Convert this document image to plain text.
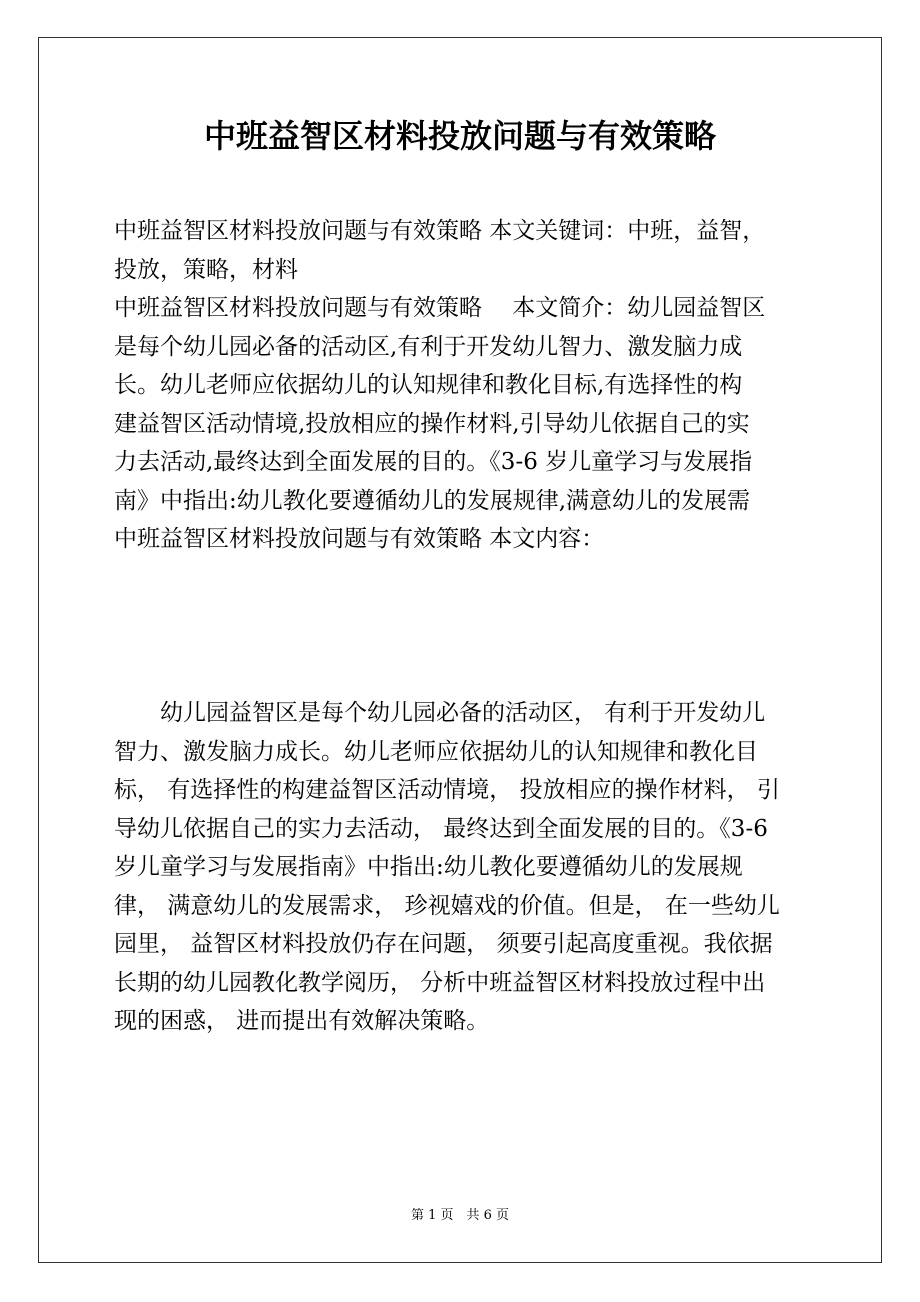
中班益智区材料投放问题与有效策略
中班益智区材料投放问题与有效策略 本文关键词：中班，益智，
投放，策略，材料
中班益智区材料投放问题与有效策略 　本文简介：幼儿园益智区
是每个幼儿园必备的活动区,有利于开发幼儿智力、激发脑力成
长。幼儿老师应依据幼儿的认知规律和教化目标,有选择性的构
建益智区活动情境,投放相应的操作材料,引导幼儿依据自己的实
力去活动,最终达到全面发展的目的。《3-6 岁儿童学习与发展指
南》中指出:幼儿教化要遵循幼儿的发展规律,满意幼儿的发展需
中班益智区材料投放问题与有效策略 本文内容：
　　幼儿园益智区是每个幼儿园必备的活动区， 有利于开发幼儿
智力、激发脑力成长。幼儿老师应依据幼儿的认知规律和教化目
标， 有选择性的构建益智区活动情境， 投放相应的操作材料， 引
导幼儿依据自己的实力去活动， 最终达到全面发展的目的。《3-6
岁儿童学习与发展指南》中指出:幼儿教化要遵循幼儿的发展规
律， 满意幼儿的发展需求， 珍视嬉戏的价值。但是， 在一些幼儿
园里， 益智区材料投放仍存在问题， 须要引起高度重视。我依据
长期的幼儿园教化教学阅历， 分析中班益智区材料投放过程中出
现的困惑， 进而提出有效解决策略。
第 1 页　共 6 页
